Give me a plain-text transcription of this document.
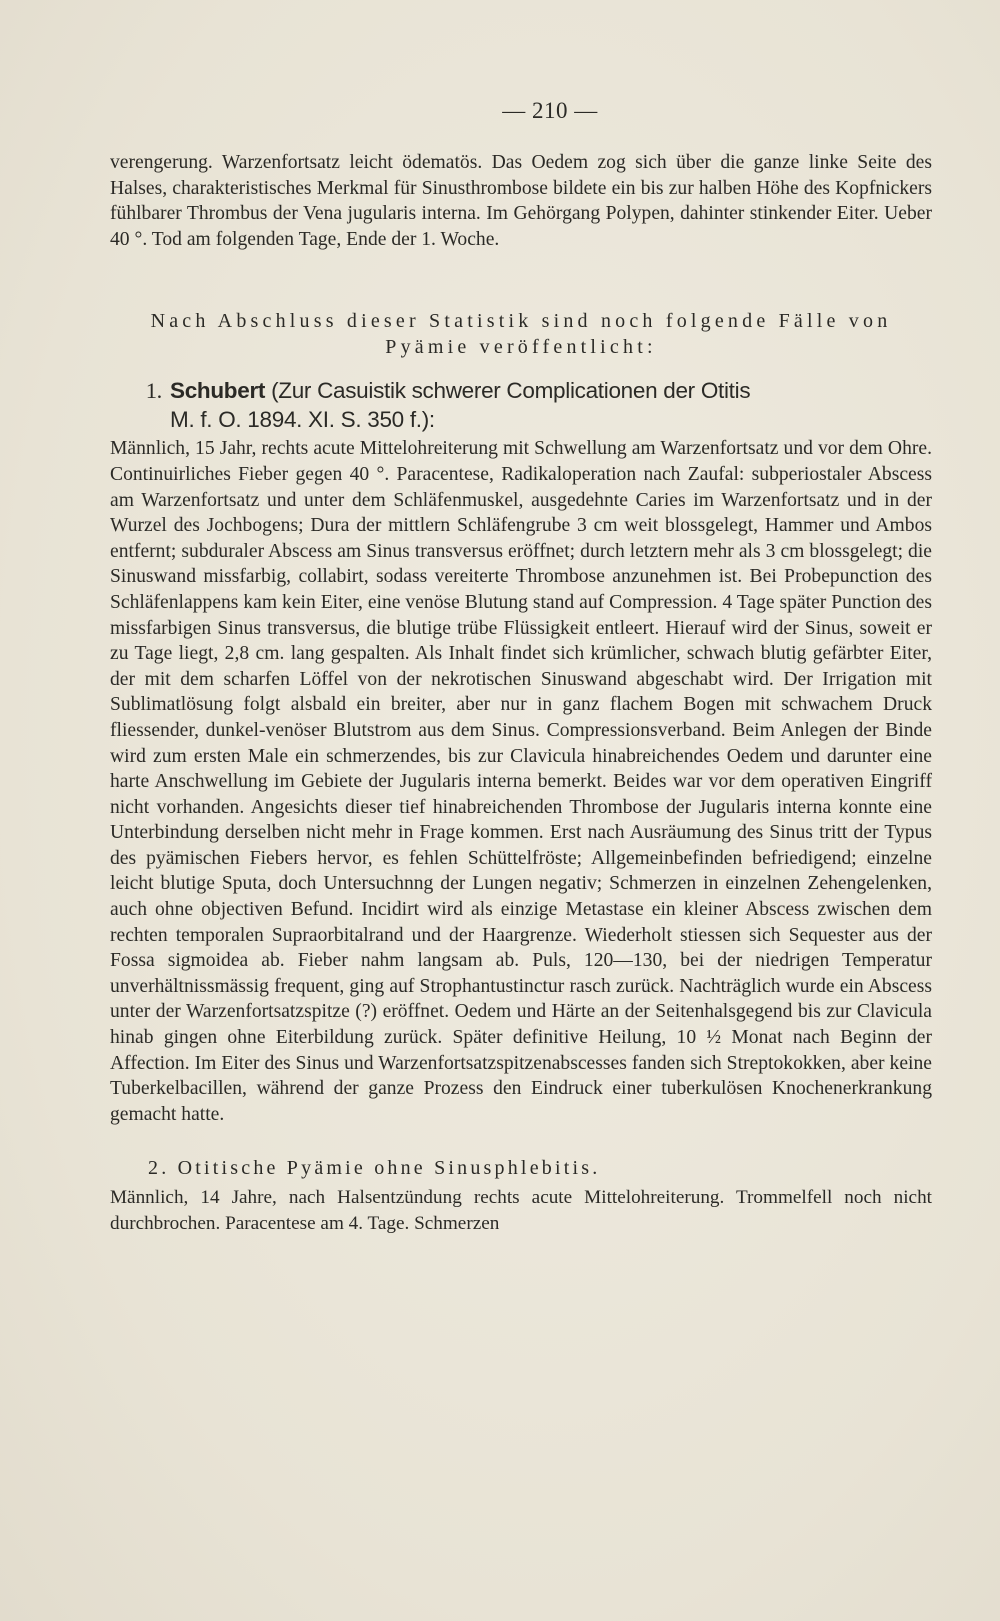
— 210 —

verengerung. Warzenfortsatz leicht ödematös. Das Oedem zog sich über die ganze linke Seite des Halses, charakteristisches Merkmal für Sinusthrombose bildete ein bis zur halben Höhe des Kopfnickers fühlbarer Thrombus der Vena jugularis interna. Im Gehörgang Polypen, dahinter stinkender Eiter. Ueber 40 °. Tod am folgenden Tage, Ende der 1. Woche.

Nach Abschluss dieser Statistik sind noch folgende Fälle von Pyämie veröffentlicht:

1. Schubert (Zur Casuistik schwerer Complicationen der Otitis
M. f. O. 1894. XI. S. 350 f.):

Männlich, 15 Jahr, rechts acute Mittelohreiterung mit Schwellung am Warzenfortsatz und vor dem Ohre. Continuirliches Fieber gegen 40 °. Paracentese, Radikaloperation nach Zaufal: subperiostaler Abscess am Warzenfortsatz und unter dem Schläfenmuskel, ausgedehnte Caries im Warzenfortsatz und in der Wurzel des Jochbogens; Dura der mittlern Schläfengrube 3 cm weit blossgelegt, Hammer und Ambos entfernt; subduraler Abscess am Sinus transversus eröffnet; durch letztern mehr als 3 cm blossgelegt; die Sinuswand missfarbig, collabirt, sodass vereiterte Thrombose anzunehmen ist. Bei Probepunction des Schläfenlappens kam kein Eiter, eine venöse Blutung stand auf Compression. 4 Tage später Punction des missfarbigen Sinus transversus, die blutige trübe Flüssigkeit entleert. Hierauf wird der Sinus, soweit er zu Tage liegt, 2,8 cm. lang gespalten. Als Inhalt findet sich krümlicher, schwach blutig gefärbter Eiter, der mit dem scharfen Löffel von der nekrotischen Sinuswand abgeschabt wird. Der Irrigation mit Sublimatlösung folgt alsbald ein breiter, aber nur in ganz flachem Bogen mit schwachem Druck fliessender, dunkel-venöser Blutstrom aus dem Sinus. Compressionsverband. Beim Anlegen der Binde wird zum ersten Male ein schmerzendes, bis zur Clavicula hinabreichendes Oedem und darunter eine harte Anschwellung im Gebiete der Jugularis interna bemerkt. Beides war vor dem operativen Eingriff nicht vorhanden. Angesichts dieser tief hinabreichenden Thrombose der Jugularis interna konnte eine Unterbindung derselben nicht mehr in Frage kommen. Erst nach Ausräumung des Sinus tritt der Typus des pyämischen Fiebers hervor, es fehlen Schüttelfröste; Allgemeinbefinden befriedigend; einzelne leicht blutige Sputa, doch Untersuchnng der Lungen negativ; Schmerzen in einzelnen Zehengelenken, auch ohne objectiven Befund. Incidirt wird als einzige Metastase ein kleiner Abscess zwischen dem rechten temporalen Supraorbitalrand und der Haargrenze. Wiederholt stiessen sich Sequester aus der Fossa sigmoidea ab. Fieber nahm langsam ab. Puls, 120—130, bei der niedrigen Temperatur unverhältnissmässig frequent, ging auf Strophantustinctur rasch zurück. Nachträglich wurde ein Abscess unter der Warzenfortsatzspitze (?) eröffnet. Oedem und Härte an der Seitenhalsgegend bis zur Clavicula hinab gingen ohne Eiterbildung zurück. Später definitive Heilung, 10 ½ Monat nach Beginn der Affection. Im Eiter des Sinus und Warzenfortsatzspitzenabscesses fanden sich Streptokokken, aber keine Tuberkelbacillen, während der ganze Prozess den Eindruck einer tuberkulösen Knochenerkrankung gemacht hatte.

2. Otitische Pyämie ohne Sinusphlebitis.

Männlich, 14 Jahre, nach Halsentzündung rechts acute Mittelohreiterung. Trommelfell noch nicht durchbrochen. Paracentese am 4. Tage. Schmerzen
